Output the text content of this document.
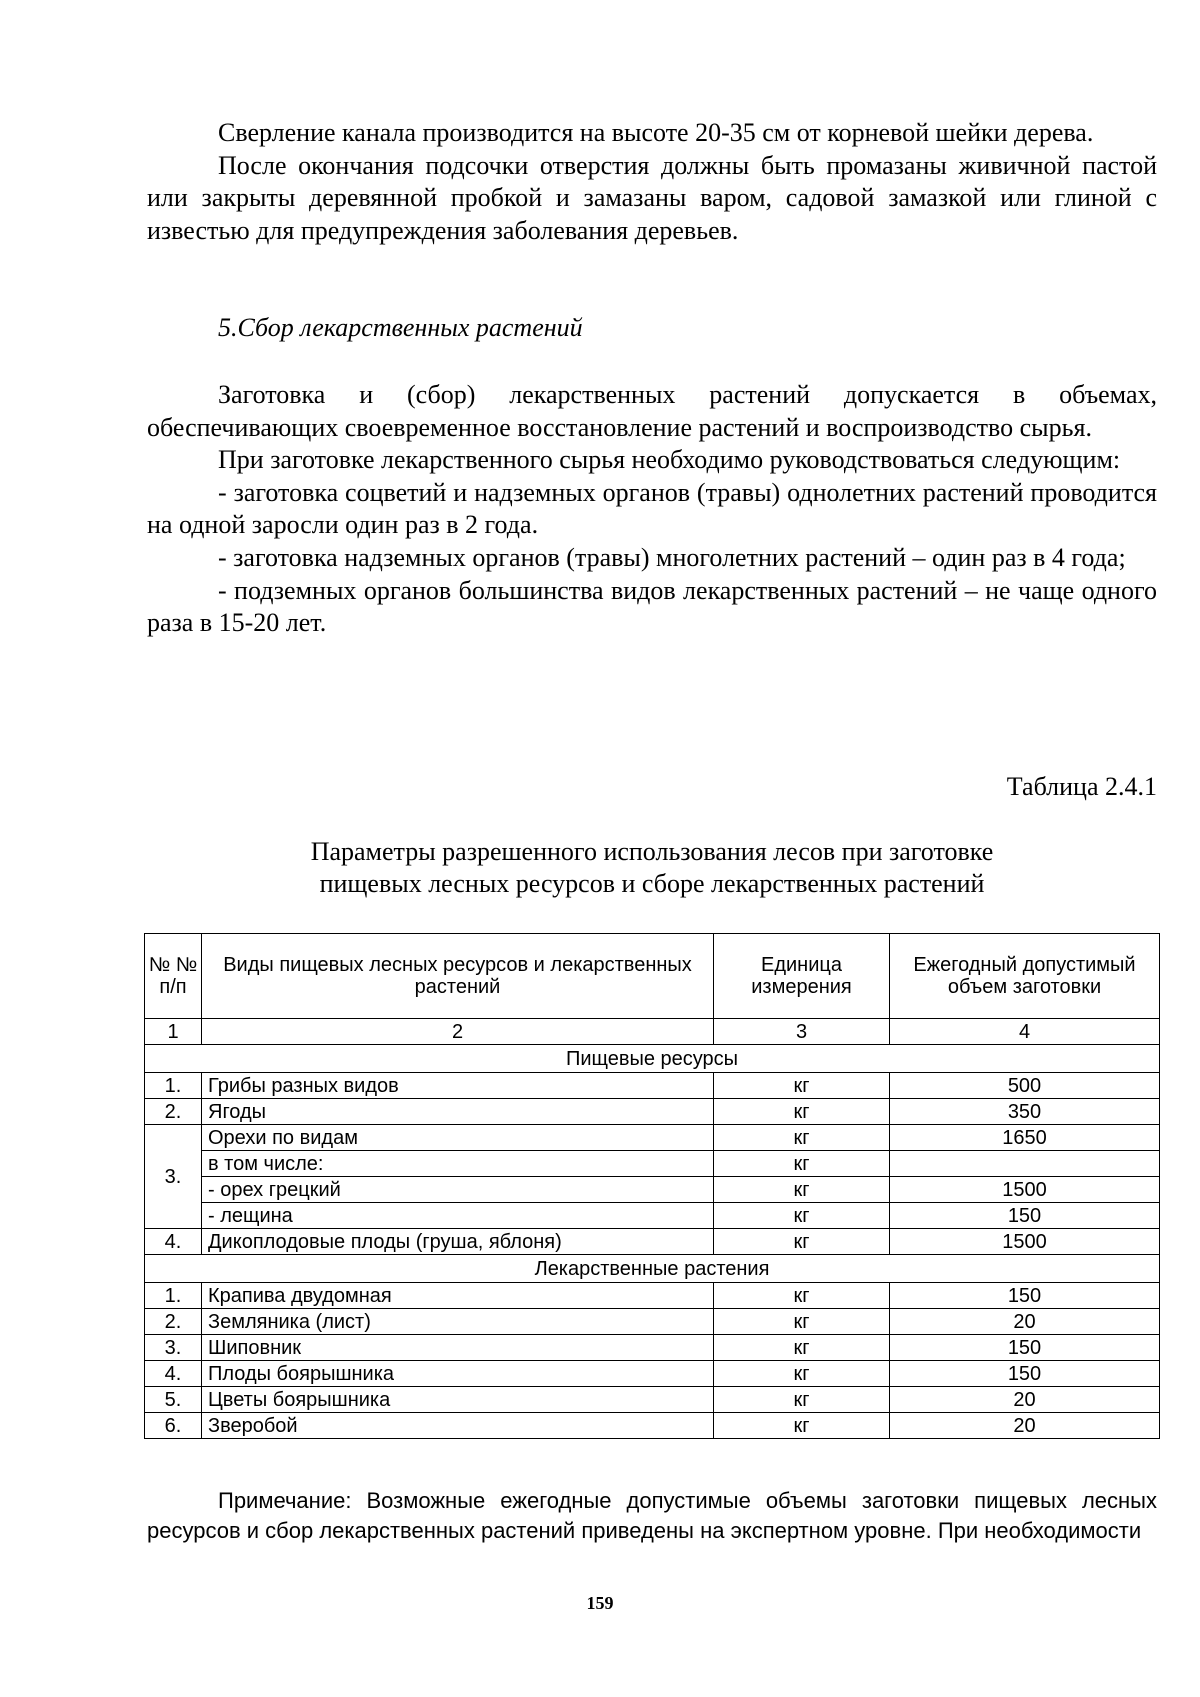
Сверление канала производится на высоте 20-35 см от корневой шейки дерева.

После окончания подсочки отверстия должны быть промазаны живичной пастой или закрыты деревянной пробкой и замазаны варом, садовой замазкой или глиной с известью для предупреждения заболевания деревьев.

5.Сбор лекарственных растений

Заготовка и (сбор) лекарственных растений допускается в объемах, обеспечивающих своевременное восстановление растений и воспроизводство сырья.

При заготовке лекарственного сырья необходимо руководствоваться следующим:

- заготовка соцветий и надземных органов (травы) однолетних растений проводится на одной заросли один раз в 2 года.

- заготовка надземных органов (травы) многолетних растений – один раз в 4 года;

- подземных органов большинства видов лекарственных растений – не чаще одного раза в 15-20 лет.

Таблица 2.4.1
Параметры разрешенного использования лесов при заготовке
пищевых лесных ресурсов и сборе лекарственных растений
№ № п/п	Виды пищевых лесных ресурсов и лекарственных растений	Единица измерения	Ежегодный допустимый объем заготовки
1	2	3	4
Пищевые ресурсы			
1.	Грибы разных видов	кг	500
2.	Ягоды	кг	350
3.	Орехи по видам	кг	1650
	в том числе:	кг	
	- орех грецкий	кг	1500
	- лещина	кг	150
4.	Дикоплодовые плоды (груша, яблоня)	кг	1500
Лекарственные растения			
1.	Крапива двудомная	кг	150
2.	Земляника (лист)	кг	20
3.	Шиповник	кг	150
4.	Плоды боярышника	кг	150
5.	Цветы боярышника	кг	20
6.	Зверобой	кг	20

Примечание: Возможные ежегодные допустимые объемы заготовки пищевых лесных ресурсов и сбор лекарственных растений приведены на экспертном уровне. При необходимости

159
